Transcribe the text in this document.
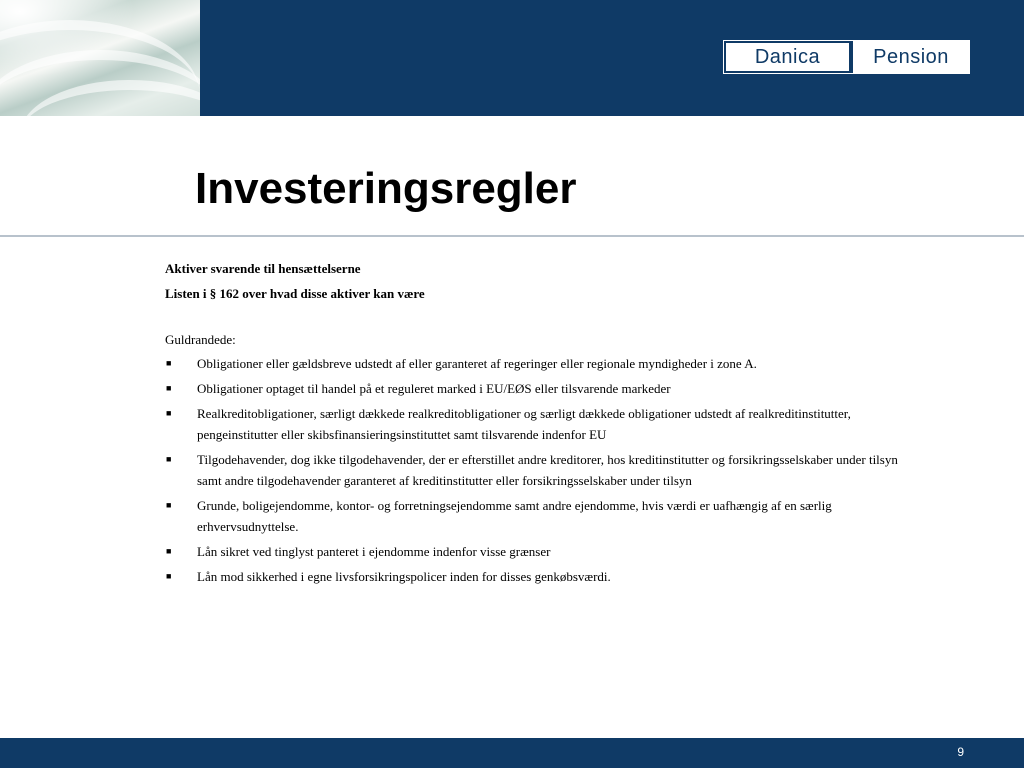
Danica	Pension
Investeringsregler

Aktiver svarende til hensættelserne

Listen i § 162 over hvad disse aktiver kan være

Guldrandede:

■ Obligationer eller gældsbreve udstedt af eller garanteret af regeringer eller regionale myndigheder i zone A.
■ Obligationer optaget til handel på et reguleret marked i EU/EØS eller tilsvarende markeder
■ Realkreditobligationer, særligt dækkede realkreditobligationer og særligt dækkede obligationer udstedt af realkreditinstitutter, pengeinstitutter eller skibsfinansieringsinstituttet samt tilsvarende indenfor EU
■ Tilgodehavender, dog ikke tilgodehavender, der er efterstillet andre kreditorer, hos kreditinstitutter og forsikringsselskaber under tilsyn samt andre tilgodehavender garanteret af kreditinstitutter eller forsikringsselskaber under tilsyn
■ Grunde, boligejendomme, kontor- og forretningsejendomme samt andre ejendomme, hvis værdi er uafhængig af en særlig erhvervsudnyttelse.
■ Lån sikret ved tinglyst panteret i ejendomme indenfor visse grænser
■ Lån mod sikkerhed i egne livsforsikringspolicer inden for disses genkøbsværdi.
9
